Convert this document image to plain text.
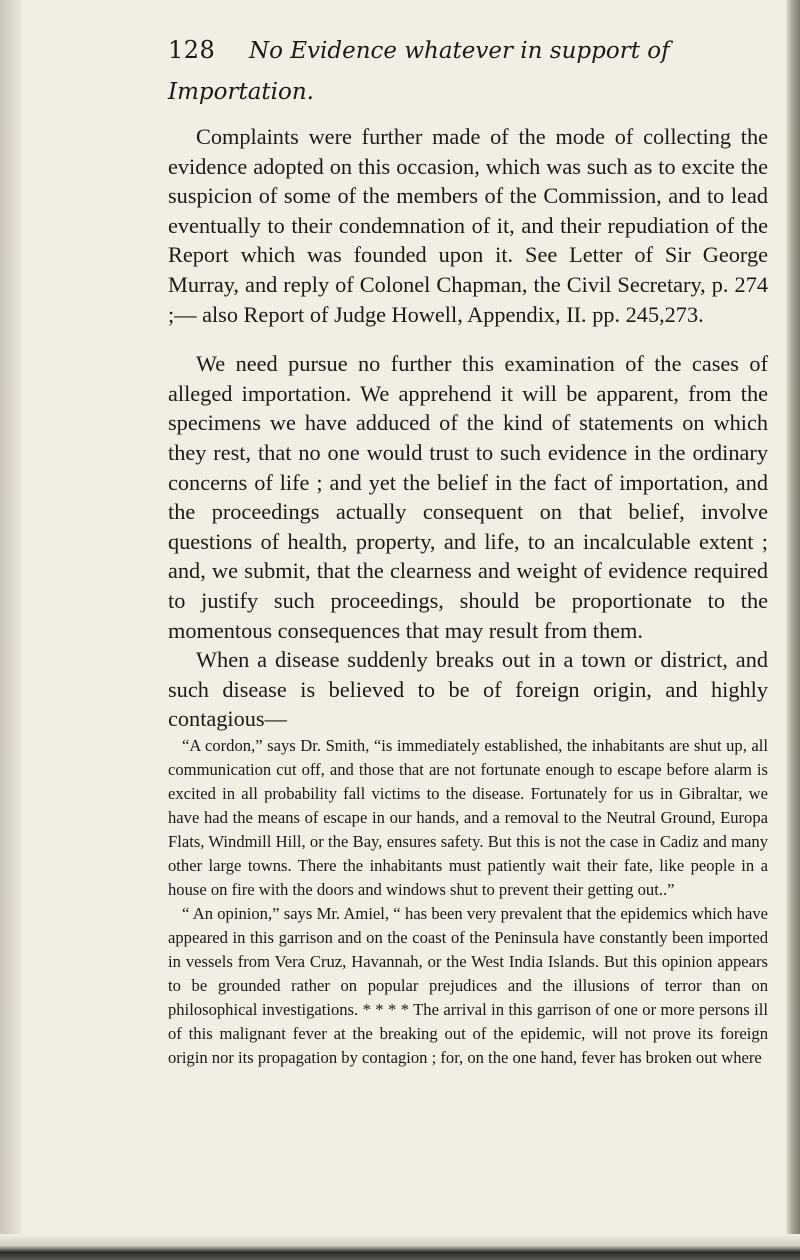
128 No Evidence whatever in support of Importation.

Complaints were further made of the mode of collecting the evidence adopted on this occasion, which was such as to excite the suspicion of some of the members of the Commission, and to lead eventually to their condemnation of it, and their repudiation of the Report which was founded upon it. See Letter of Sir George Murray, and reply of Colonel Chapman, the Civil Secretary, p. 274 ;— also Report of Judge Howell, Appendix, II. pp. 245,273.

We need pursue no further this examination of the cases of alleged importation. We apprehend it will be apparent, from the specimens we have adduced of the kind of statements on which they rest, that no one would trust to such evidence in the ordinary concerns of life ; and yet the belief in the fact of importation, and the proceedings actually consequent on that belief, involve questions of health, property, and life, to an incalculable extent ; and, we submit, that the clearness and weight of evidence required to justify such proceedings, should be proportionate to the momentous consequences that may result from them.

When a disease suddenly breaks out in a town or district, and such disease is believed to be of foreign origin, and highly contagious—

“A cordon,” says Dr. Smith, “is immediately established, the inhabitants are shut up, all communication cut off, and those that are not fortunate enough to escape before alarm is excited in all probability fall victims to the disease. Fortunately for us in Gibraltar, we have had the means of escape in our hands, and a removal to the Neutral Ground, Europa Flats, Windmill Hill, or the Bay, ensures safety. But this is not the case in Cadiz and many other large towns. There the inhabitants must patiently wait their fate, like people in a house on fire with the doors and windows shut to prevent their getting out..”

“ An opinion,” says Mr. Amiel, “ has been very prevalent that the epidemics which have appeared in this garrison and on the coast of the Peninsula have constantly been imported in vessels from Vera Cruz, Havannah, or the West India Islands. But this opinion appears to be grounded rather on popular prejudices and the illusions of terror than on philosophical investigations. * * * * The arrival in this garrison of one or more persons ill of this malignant fever at the breaking out of the epidemic, will not prove its foreign origin nor its propagation by contagion ; for, on the one hand, fever has broken out where
